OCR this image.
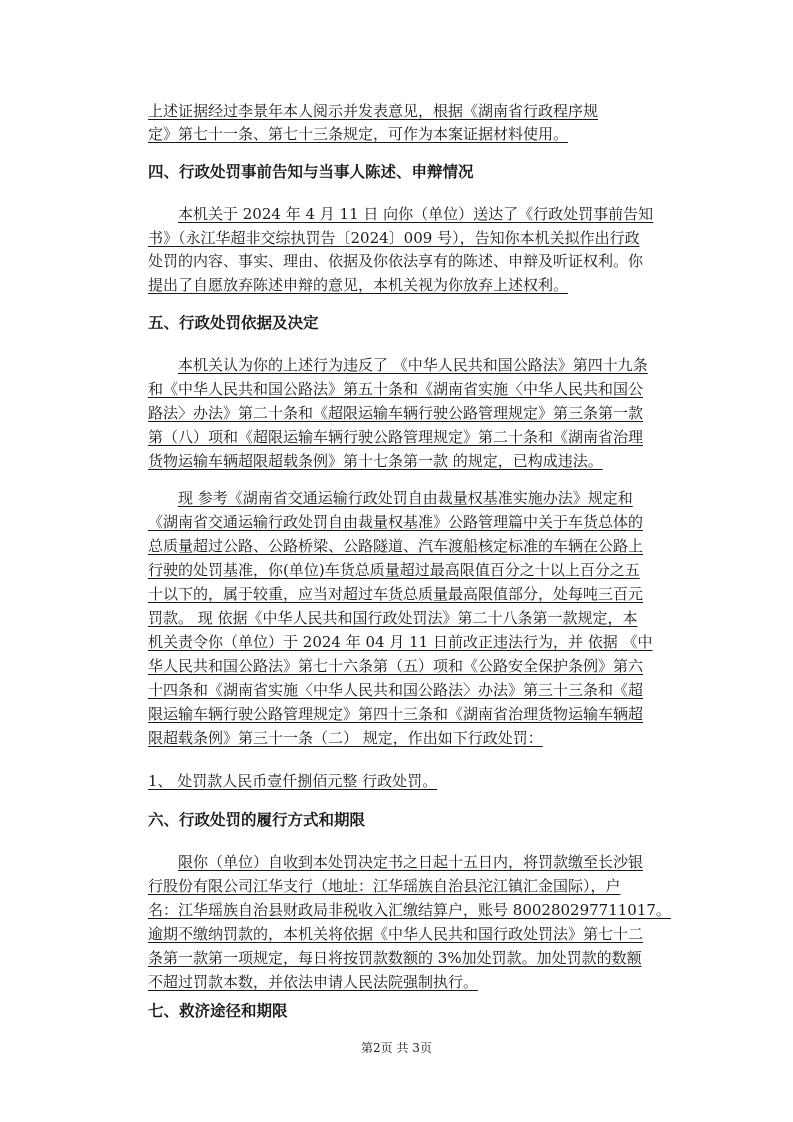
上述证据经过李景年本人阅示并发表意见，根据《湖南省行政程序规
定》第七十一条、第七十三条规定，可作为本案证据材料使用。
四、行政处罚事前告知与当事人陈述、申辩情况
本机关于 2024 年 4 月 11 日 向你（单位）送达了《行政处罚事前告知
书》（永江华超非交综执罚告〔2024〕009 号），告知你本机关拟作出行政
处罚的内容、事实、理由、依据及你依法享有的陈述、申辩及听证权利。你
提出了自愿放弃陈述申辩的意见，本机关视为你放弃上述权利。
五、行政处罚依据及决定
本机关认为你的上述行为违反了 《中华人民共和国公路法》第四十九条
和《中华人民共和国公路法》第五十条和《湖南省实施〈中华人民共和国公
路法〉办法》第二十条和《超限运输车辆行驶公路管理规定》第三条第一款
第（八）项和《超限运输车辆行驶公路管理规定》第二十条和《湖南省治理
货物运输车辆超限超载条例》第十七条第一款 的规定，已构成违法。
现 参考《湖南省交通运输行政处罚自由裁量权基准实施办法》规定和
《湖南省交通运输行政处罚自由裁量权基准》公路管理篇中关于车货总体的
总质量超过公路、公路桥梁、公路隧道、汽车渡船核定标准的车辆在公路上
行驶的处罚基准，你(单位)车货总质量超过最高限值百分之十以上百分之五
十以下的，属于较重，应当对超过车货总质量最高限值部分，处每吨三百元
罚款。 现 依据《中华人民共和国行政处罚法》第二十八条第一款规定，本
机关责令你（单位）于 2024 年 04 月 11 日前改正违法行为，并 依据 《中
华人民共和国公路法》第七十六条第（五）项和《公路安全保护条例》第六
十四条和《湖南省实施〈中华人民共和国公路法〉办法》第三十三条和《超
限运输车辆行驶公路管理规定》第四十三条和《湖南省治理货物运输车辆超
限超载条例》第三十一条（二） 规定，作出如下行政处罚：
1、 处罚款人民币壹仟捌佰元整 行政处罚。
六、行政处罚的履行方式和期限
限你（单位）自收到本处罚决定书之日起十五日内，将罚款缴至长沙银
行股份有限公司江华支行（地址：江华瑶族自治县沱江镇汇金国际），户
名：江华瑶族自治县财政局非税收入汇缴结算户，账号 800280297711017。
逾期不缴纳罚款的，本机关将依据《中华人民共和国行政处罚法》第七十二
条第一款第一项规定，每日将按罚款数额的 3%加处罚款。加处罚款的数额
不超过罚款本数，并依法申请人民法院强制执行。
七、救济途径和期限
第2页 共 3页
